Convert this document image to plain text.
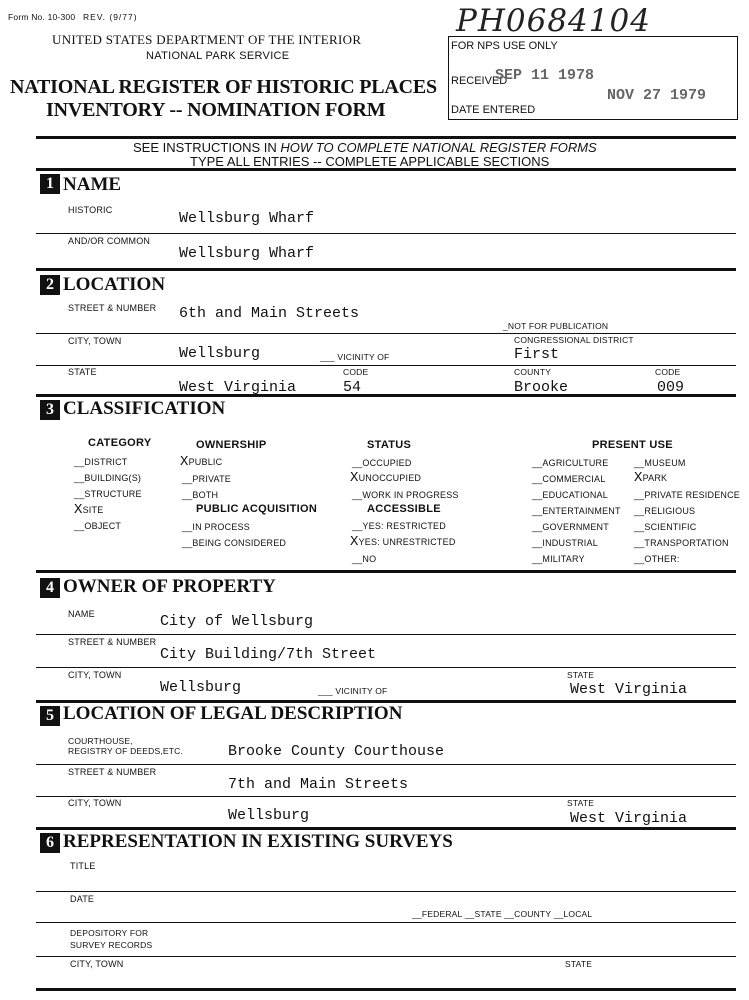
Form No. 10-300 REV. (9/77)
UNITED STATES DEPARTMENT OF THE INTERIOR
NATIONAL PARK SERVICE
NATIONAL REGISTER OF HISTORIC PLACES
INVENTORY -- NOMINATION FORM
PH0684104
FOR NPS USE ONLY
RECEIVED
SEP 11 1978
DATE ENTERED
NOV 27 1979
SEE INSTRUCTIONS IN HOW TO COMPLETE NATIONAL REGISTER FORMS
TYPE ALL ENTRIES -- COMPLETE APPLICABLE SECTIONS
1 NAME
HISTORIC	Wellsburg Wharf
AND/OR COMMON
Wellsburg Wharf
2 LOCATION
STREET & NUMBER 6th and Main Streets
_NOT FOR PUBLICATION
CITY, TOWN	CONGRESSIONAL DISTRICT
Wellsburg	___ VICINITY OF	First
STATE	CODE	COUNTY	CODE
West Virginia	54	Brooke	009
3 CLASSIFICATION
CATEGORY
__DISTRICT
__BUILDING(S)
__STRUCTURE
XSITE
__OBJECT
OWNERSHIP
XPUBLIC
__PRIVATE
__BOTH
PUBLIC ACQUISITION
__IN PROCESS
__BEING CONSIDERED
STATUS
__OCCUPIED
XUNOCCUPIED
__WORK IN PROGRESS
ACCESSIBLE
__YES: RESTRICTED
XYES: UNRESTRICTED
__NO
PRESENT USE
__AGRICULTURE
__COMMERCIAL
__EDUCATIONAL
__ENTERTAINMENT
__GOVERNMENT
__INDUSTRIAL
__MILITARY
__MUSEUM
XPARK
__PRIVATE RESIDENCE
__RELIGIOUS
__SCIENTIFIC
__TRANSPORTATION
__OTHER:
4 OWNER OF PROPERTY
NAME	City of Wellsburg
STREET & NUMBER
City Building/7th Street
CITY, TOWN	STATE
Wellsburg	___ VICINITY OF	West Virginia
5 LOCATION OF LEGAL DESCRIPTION
COURTHOUSE,
REGISTRY OF DEEDS,ETC.	Brooke County Courthouse
STREET & NUMBER
7th and Main Streets
CITY, TOWN	STATE
Wellsburg	West Virginia
6 REPRESENTATION IN EXISTING SURVEYS
TITLE
DATE
__FEDERAL __STATE __COUNTY __LOCAL
DEPOSITORY FOR
SURVEY RECORDS
CITY, TOWN	STATE
